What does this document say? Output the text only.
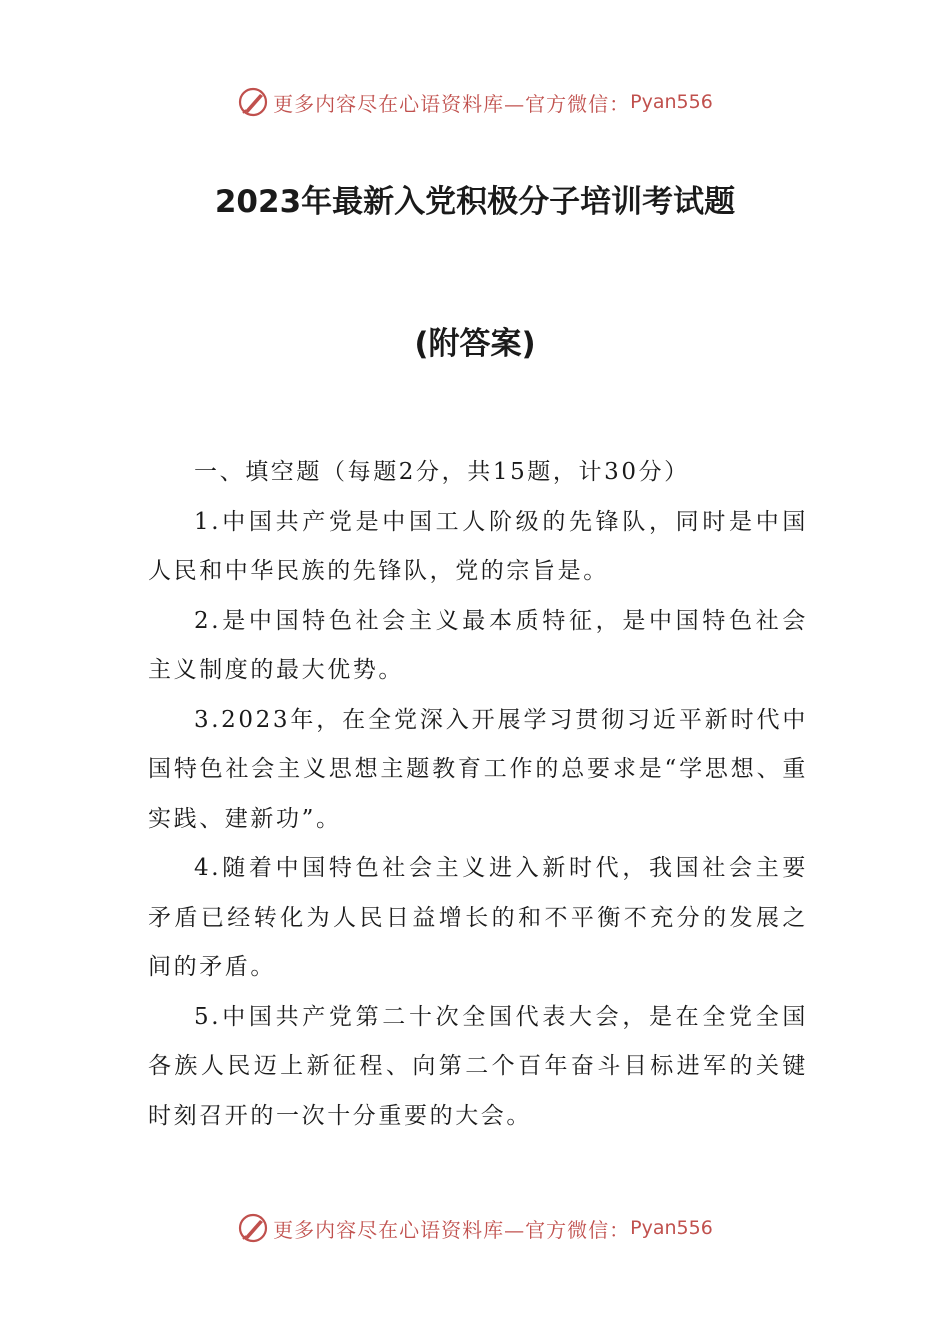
更多内容尽在心语资料库—官方微信： Pyan556
2023年最新入党积极分子培训考试题
(附答案)

一、填空题（每题2分，共15题，计30分）

1.中国共产党是中国工人阶级的先锋队，同时是中国人民和中华民族的先锋队，党的宗旨是。

2.是中国特色社会主义最本质特征，是中国特色社会主义制度的最大优势。

3.2023年，在全党深入开展学习贯彻习近平新时代中国特色社会主义思想主题教育工作的总要求是“学思想、重实践、建新功”。

4.随着中国特色社会主义进入新时代，我国社会主要矛盾已经转化为人民日益增长的和不平衡不充分的发展之间的矛盾。

5.中国共产党第二十次全国代表大会，是在全党全国各族人民迈上新征程、向第二个百年奋斗目标进军的关键时刻召开的一次十分重要的大会。

更多内容尽在心语资料库—官方微信： Pyan556
